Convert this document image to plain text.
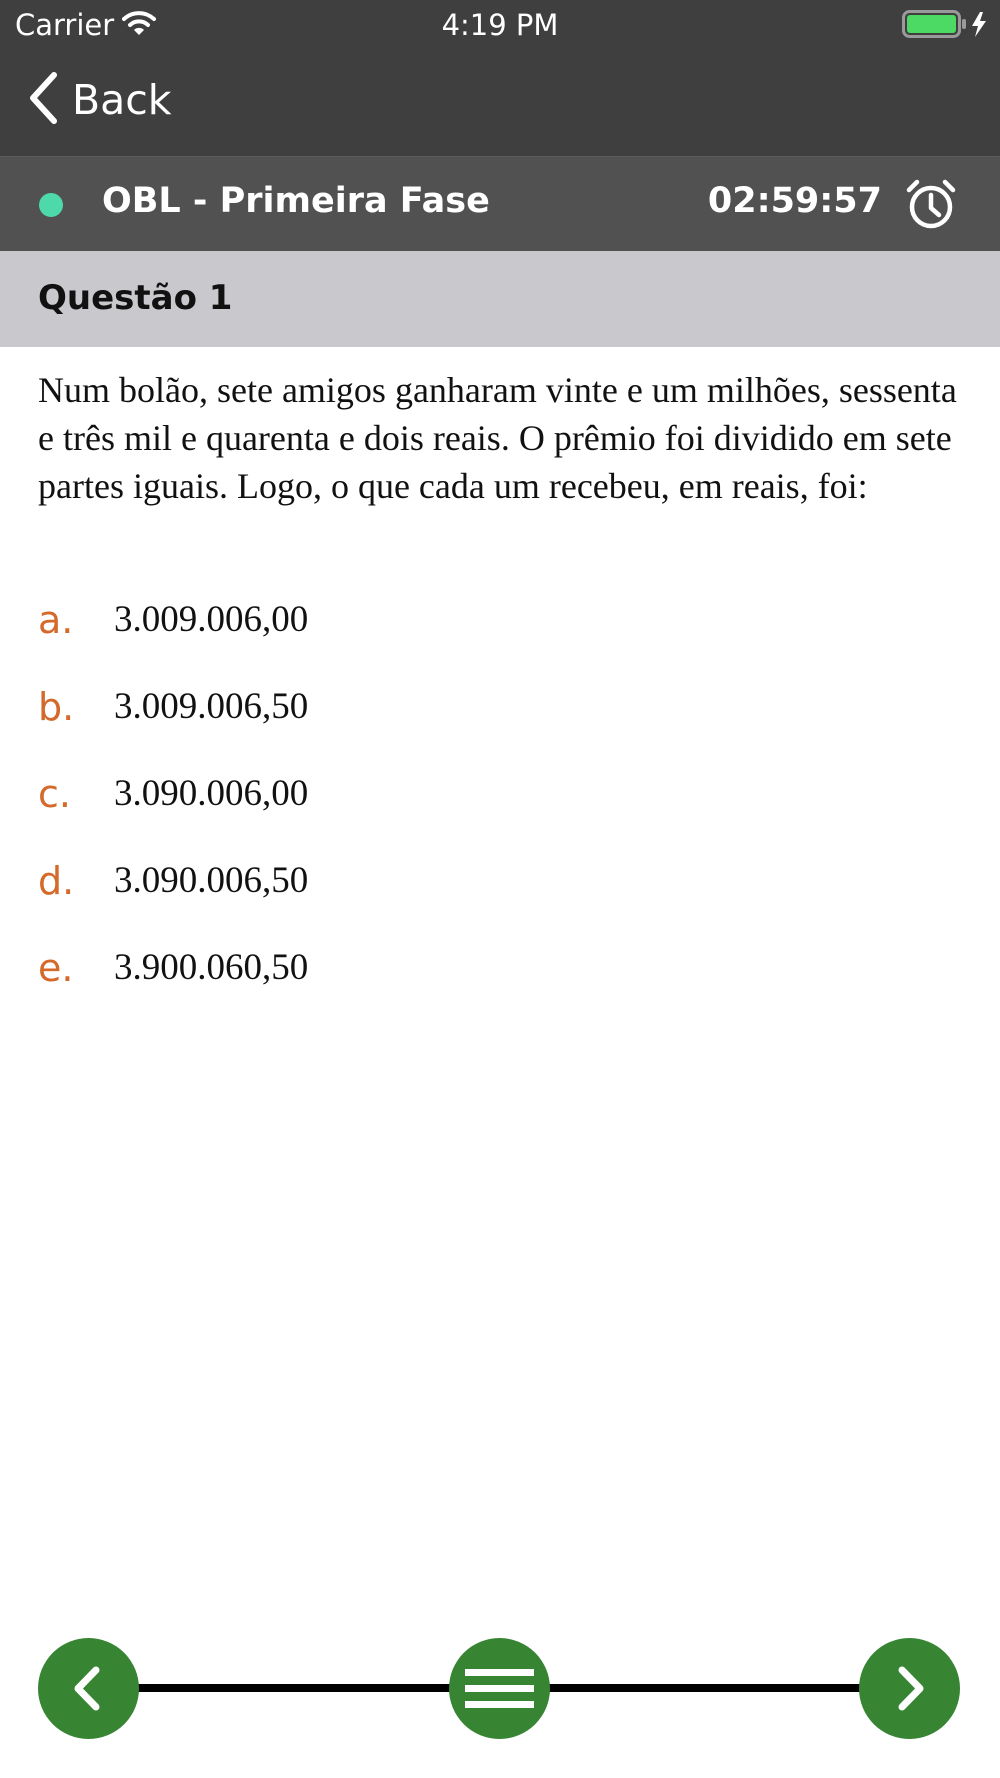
Carrier	4:19 PM
Back
OBL - Primeira Fase	02:59:57
Questão 1
Num bolão, sete amigos ganharam vinte e um milhões, sessenta e três mil e quarenta e dois reais. O prêmio foi dividido em sete partes iguais. Logo, o que cada um recebeu, em reais, foi:
a.	3.009.006,00
b.	3.009.006,50
c.	3.090.006,00
d.	3.090.006,50
e.	3.900.060,50
